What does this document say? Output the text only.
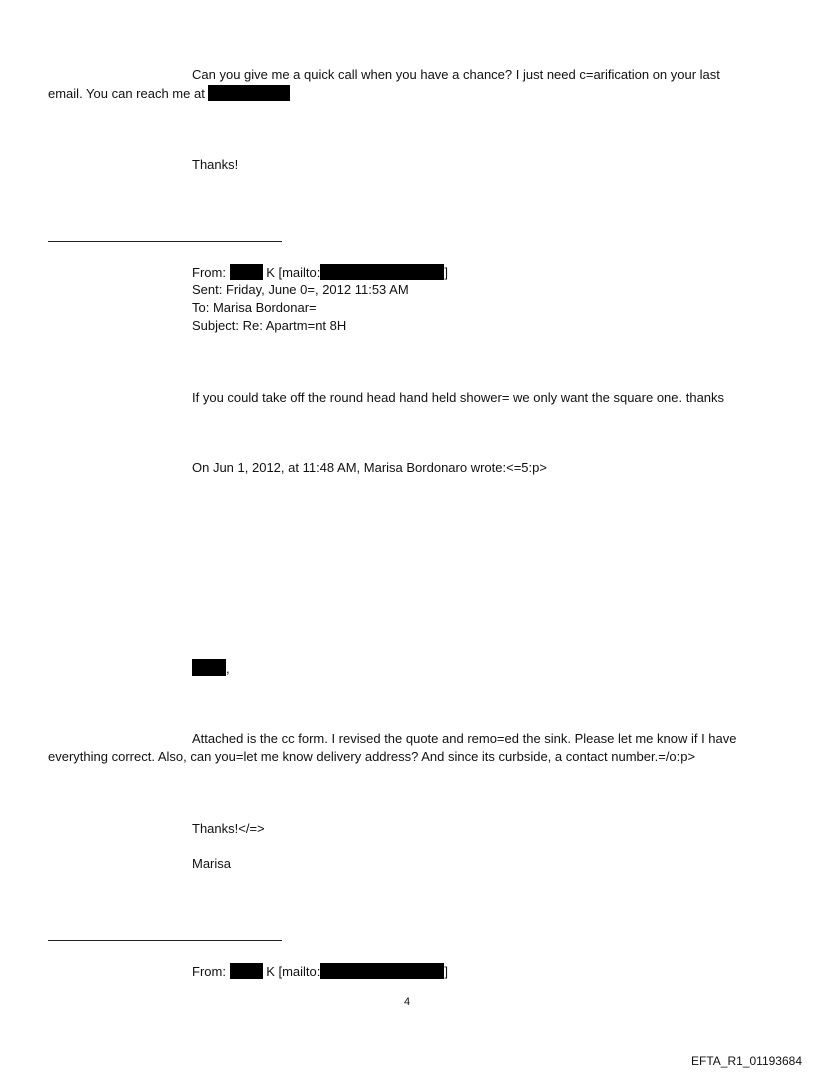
Can you give me a quick call when you have a chance? I just need c=arification on your last
email. You can reach me at
Thanks!
From:	K [mailto:	]
Sent: Friday, June 0=, 2012 11:53 AM
To: Marisa Bordonar=
Subject: Re: Apartm=nt 8H
If you could take off the round head hand held shower= we only want the square one. thanks
On Jun 1, 2012, at 11:48 AM, Marisa Bordonaro wrote:<=5:p>
,
Attached is the cc form. I revised the quote and remo=ed the sink. Please let me know if I have
everything correct. Also, can you=let me know delivery address? And since its curbside, a contact number.=/o:p>
Thanks!</=>
Marisa
From:	K [mailto:	]
4
EFTA_R1_01193684
